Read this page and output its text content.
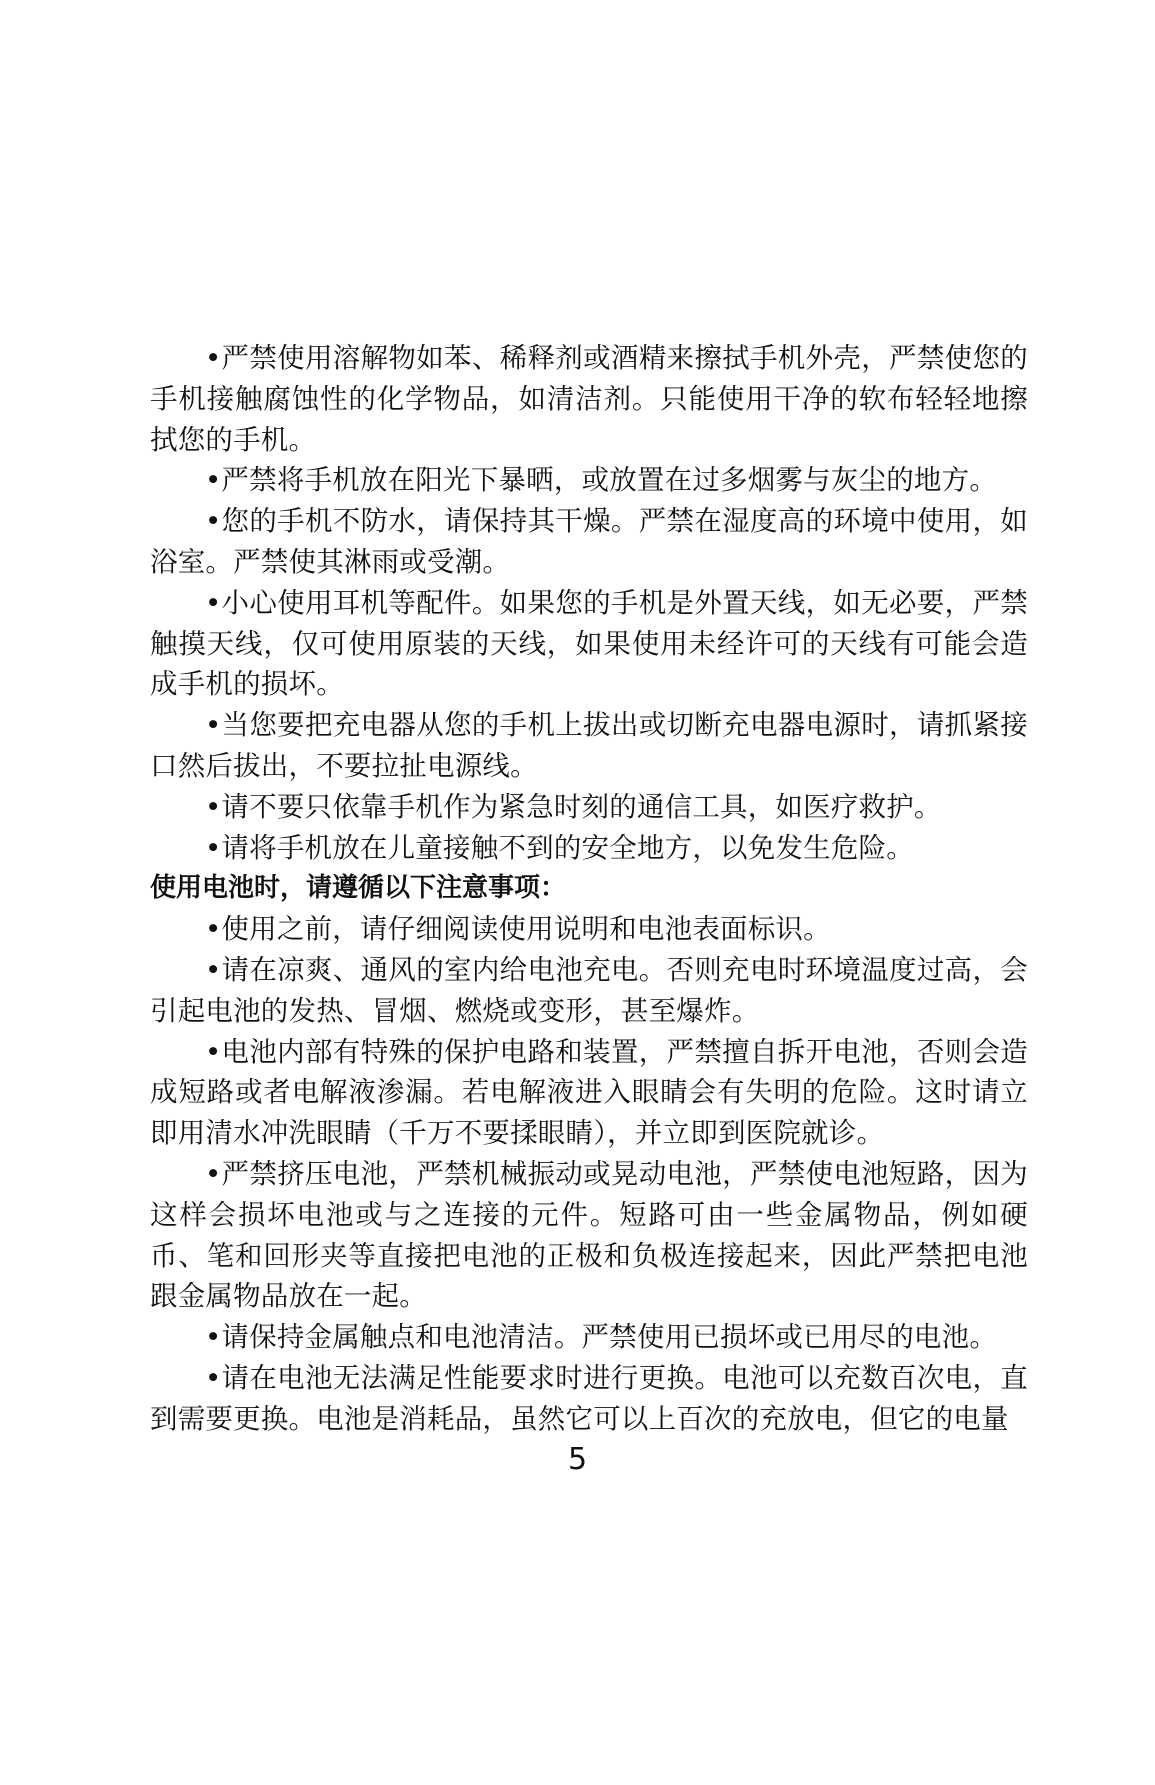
•严禁使用溶解物如苯、稀释剂或酒精来擦拭手机外壳，严禁使您的手机接触腐蚀性的化学物品，如清洁剂。只能使用干净的软布轻轻地擦拭您的手机。

•严禁将手机放在阳光下暴晒，或放置在过多烟雾与灰尘的地方。

•您的手机不防水，请保持其干燥。严禁在湿度高的环境中使用，如浴室。严禁使其淋雨或受潮。

•小心使用耳机等配件。如果您的手机是外置天线，如无必要，严禁触摸天线，仅可使用原装的天线，如果使用未经许可的天线有可能会造成手机的损坏。

•当您要把充电器从您的手机上拔出或切断充电器电源时，请抓紧接口然后拔出，不要拉扯电源线。

•请不要只依靠手机作为紧急时刻的通信工具，如医疗救护。

•请将手机放在儿童接触不到的安全地方，以免发生危险。

使用电池时，请遵循以下注意事项：

•使用之前，请仔细阅读使用说明和电池表面标识。

•请在凉爽、通风的室内给电池充电。否则充电时环境温度过高，会引起电池的发热、冒烟、燃烧或变形，甚至爆炸。

•电池内部有特殊的保护电路和装置，严禁擅自拆开电池，否则会造成短路或者电解液渗漏。若电解液进入眼睛会有失明的危险。这时请立即用清水冲洗眼睛（千万不要揉眼睛），并立即到医院就诊。

•严禁挤压电池，严禁机械振动或晃动电池，严禁使电池短路，因为这样会损坏电池或与之连接的元件。短路可由一些金属物品，例如硬币、笔和回形夹等直接把电池的正极和负极连接起来，因此严禁把电池跟金属物品放在一起。

•请保持金属触点和电池清洁。严禁使用已损坏或已用尽的电池。

•请在电池无法满足性能要求时进行更换。电池可以充数百次电，直到需要更换。电池是消耗品，虽然它可以上百次的充放电，但它的电量

5
